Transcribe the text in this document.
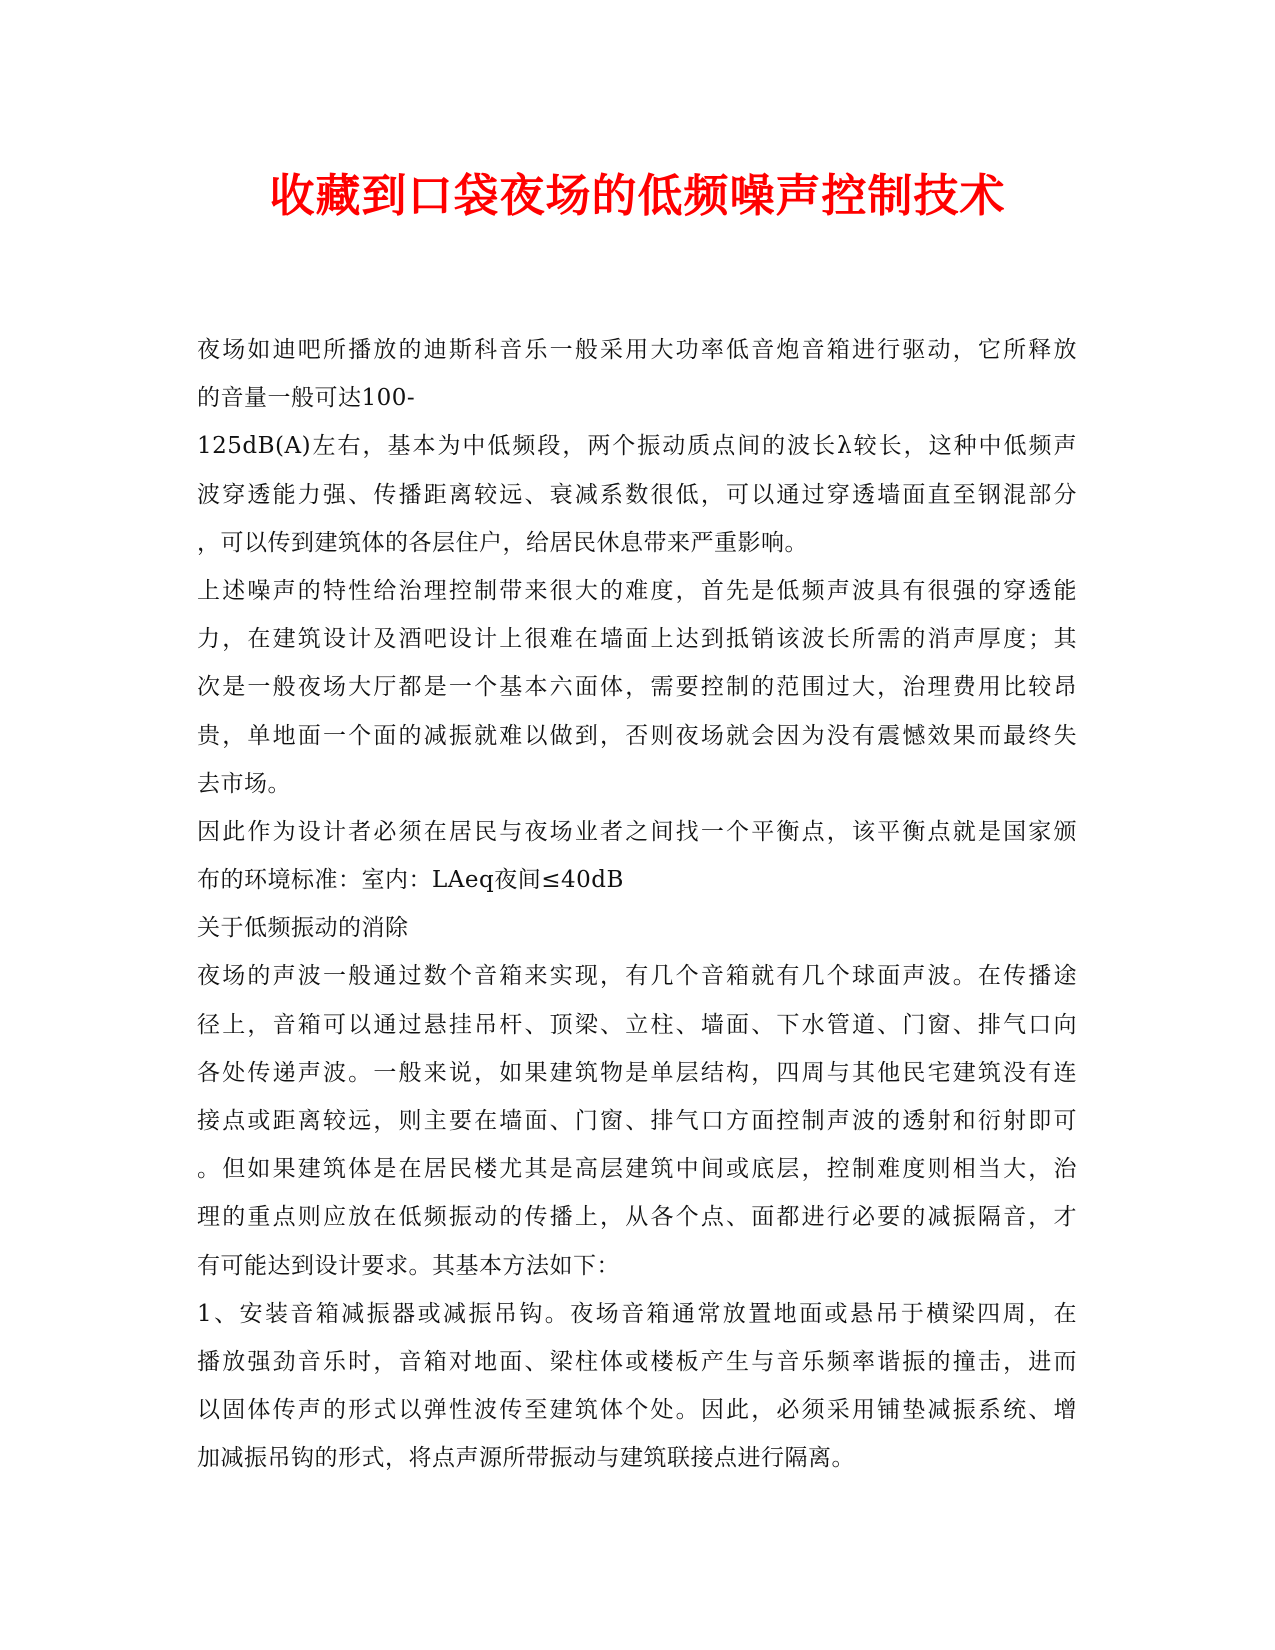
收藏到口袋夜场的低频噪声控制技术
夜场如迪吧所播放的迪斯科音乐一般采用大功率低音炮音箱进行驱动，它所释放
的音量一般可达100-
125dB(A)左右，基本为中低频段，两个振动质点间的波长λ较长，这种中低频声
波穿透能力强、传播距离较远、衰减系数很低，可以通过穿透墙面直至钢混部分
，可以传到建筑体的各层住户，给居民休息带来严重影响。
上述噪声的特性给治理控制带来很大的难度，首先是低频声波具有很强的穿透能
力，在建筑设计及酒吧设计上很难在墙面上达到抵销该波长所需的消声厚度；其
次是一般夜场大厅都是一个基本六面体，需要控制的范围过大，治理费用比较昂
贵，单地面一个面的减振就难以做到，否则夜场就会因为没有震憾效果而最终失
去市场。
因此作为设计者必须在居民与夜场业者之间找一个平衡点，该平衡点就是国家颁
布的环境标准：室内：LAeq夜间≤40dB
关于低频振动的消除
夜场的声波一般通过数个音箱来实现，有几个音箱就有几个球面声波。在传播途
径上，音箱可以通过悬挂吊杆、顶梁、立柱、墙面、下水管道、门窗、排气口向
各处传递声波。一般来说，如果建筑物是单层结构，四周与其他民宅建筑没有连
接点或距离较远，则主要在墙面、门窗、排气口方面控制声波的透射和衍射即可
。但如果建筑体是在居民楼尤其是高层建筑中间或底层，控制难度则相当大，治
理的重点则应放在低频振动的传播上，从各个点、面都进行必要的减振隔音，才
有可能达到设计要求。其基本方法如下：
1、安装音箱减振器或减振吊钩。夜场音箱通常放置地面或悬吊于横梁四周，在
播放强劲音乐时，音箱对地面、梁柱体或楼板产生与音乐频率谐振的撞击，进而
以固体传声的形式以弹性波传至建筑体个处。因此，必须采用铺垫减振系统、增
加减振吊钩的形式，将点声源所带振动与建筑联接点进行隔离。
